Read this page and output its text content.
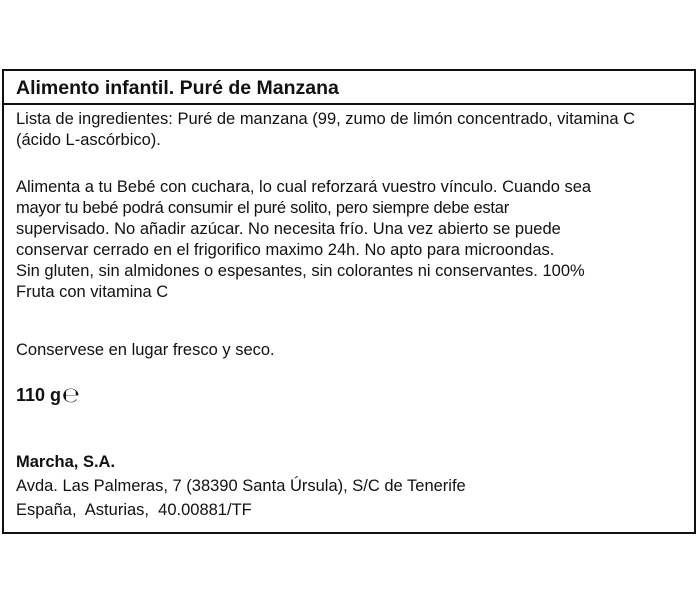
Alimento infantil. Puré de Manzana

Lista de ingredientes: Puré de manzana (99, zumo de limón concentrado, vitamina C (ácido L-ascórbico).

Alimenta a tu Bebé con cuchara, lo cual reforzará vuestro vínculo. Cuando sea
mayor tu bebé podrá consumir el puré solito, pero siempre debe estar
supervisado. No añadir azúcar. No necesita frío. Una vez abierto se puede
conservar cerrado en el frigorifico maximo 24h. No apto para microondas.
Sin gluten, sin almidones o espesantes, sin colorantes ni conservantes. 100%
Fruta con vitamina C

Conservese en lugar fresco y seco.

110 g℮
Marcha, S.A.
Avda. Las Palmeras, 7 (38390 Santa Úrsula), S/C de Tenerife
España,  Asturias,  40.00881/TF
